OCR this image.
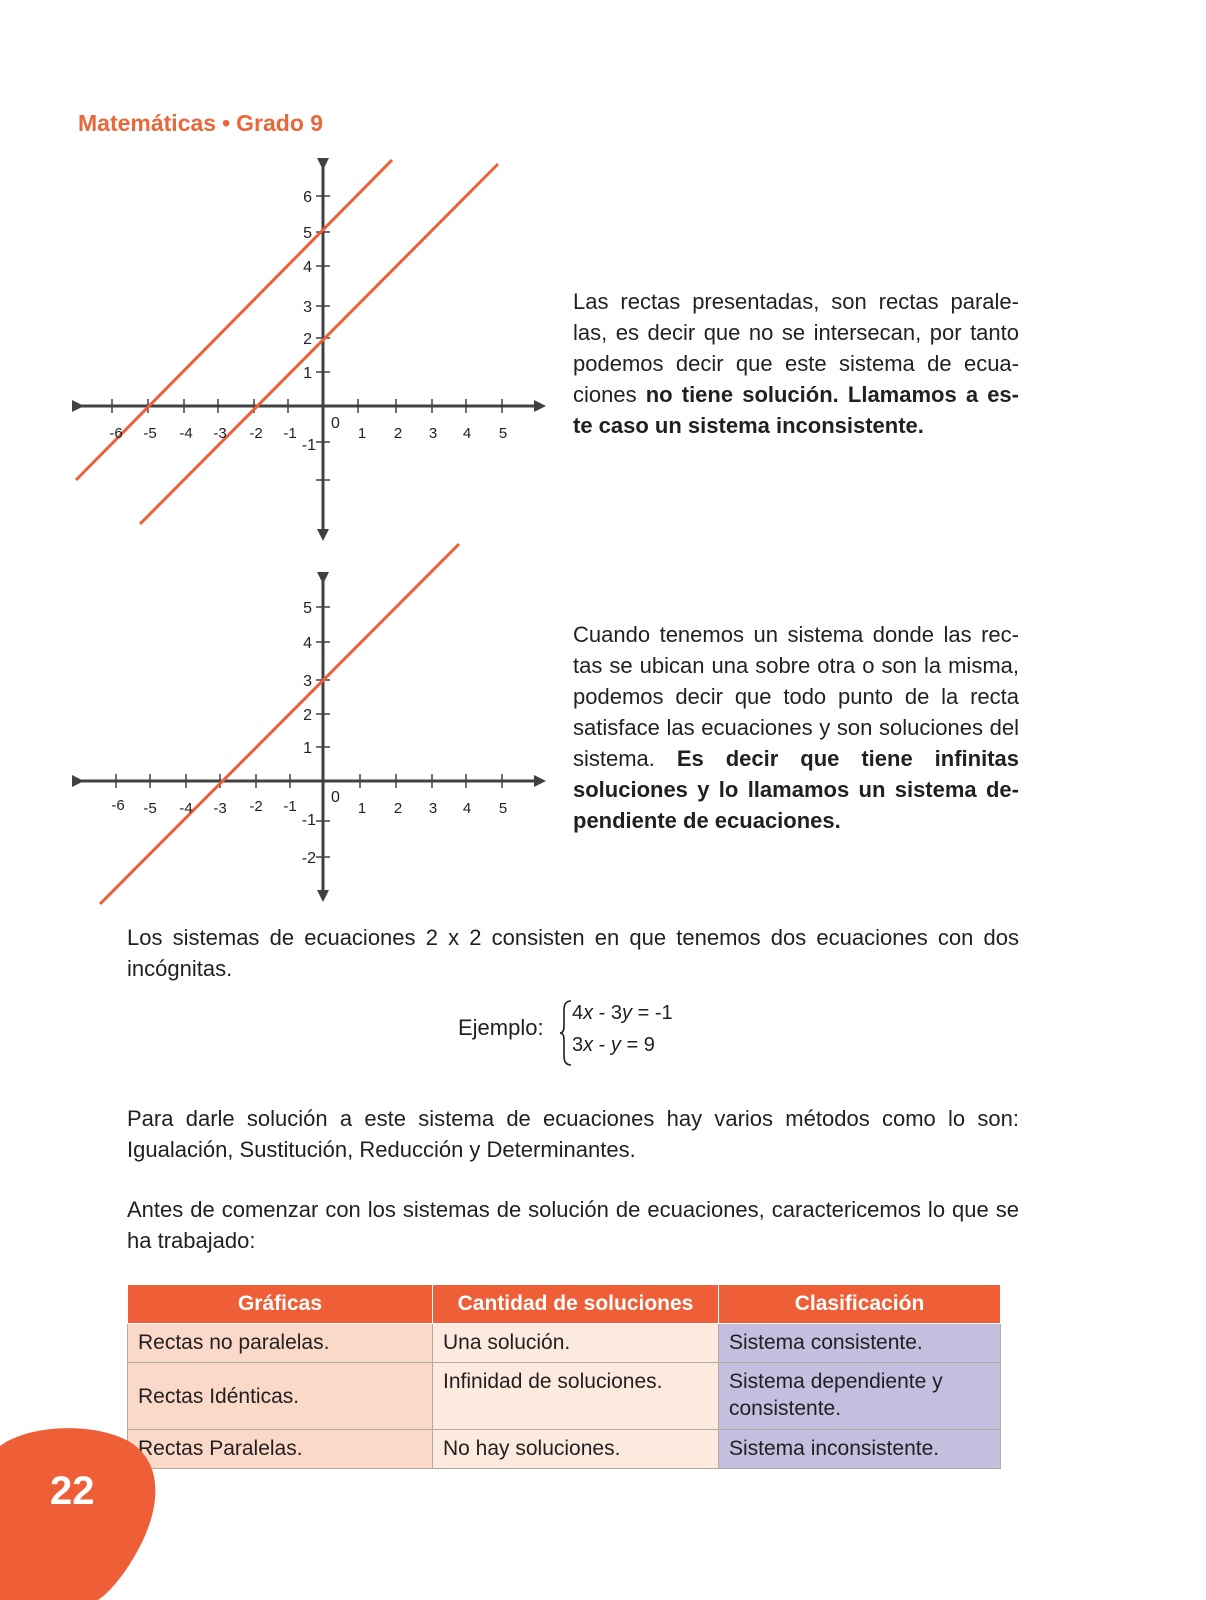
Matemáticas • Grado 9
-6 -5 -4 -3 -2 -1	1 2 3 4 5
6
5
4
3
2
1
-1
0
Las rectas presentadas, son rectas parale-las, es decir que no se intersecan, por tanto podemos decir que este sistema de ecua-ciones no tiene solución. Llamamos a es-te caso un sistema inconsistente.
-6 -5 -4 -3 -2 -1	1 2 3 4 5
5
4
3
2
1
-1
-2
0
Cuando tenemos un sistema donde las rec-tas se ubican una sobre otra o son la misma, podemos decir que todo punto de la recta satisface las ecuaciones y son soluciones del sistema. Es decir que tiene infinitas soluciones y lo llamamos un sistema de-pendiente de ecuaciones.
Los sistemas de ecuaciones 2 x 2 consisten en que tenemos dos ecuaciones con dos incógnitas.
Ejemplo:
4x - 3y = -1
3x - y = 9
Para darle solución a este sistema de ecuaciones hay varios métodos como lo son: Igualación, Sustitución, Reducción y Determinantes.
Antes de comenzar con los sistemas de solución de ecuaciones, caractericemos lo que se ha trabajado:
Gráficas	Cantidad de soluciones	Clasificación
Rectas no paralelas.	Una solución.	Sistema consistente.
Rectas Idénticas.	Infinidad de soluciones.	Sistema dependiente y consistente.
Rectas Paralelas.	No hay soluciones.	Sistema inconsistente.
22
